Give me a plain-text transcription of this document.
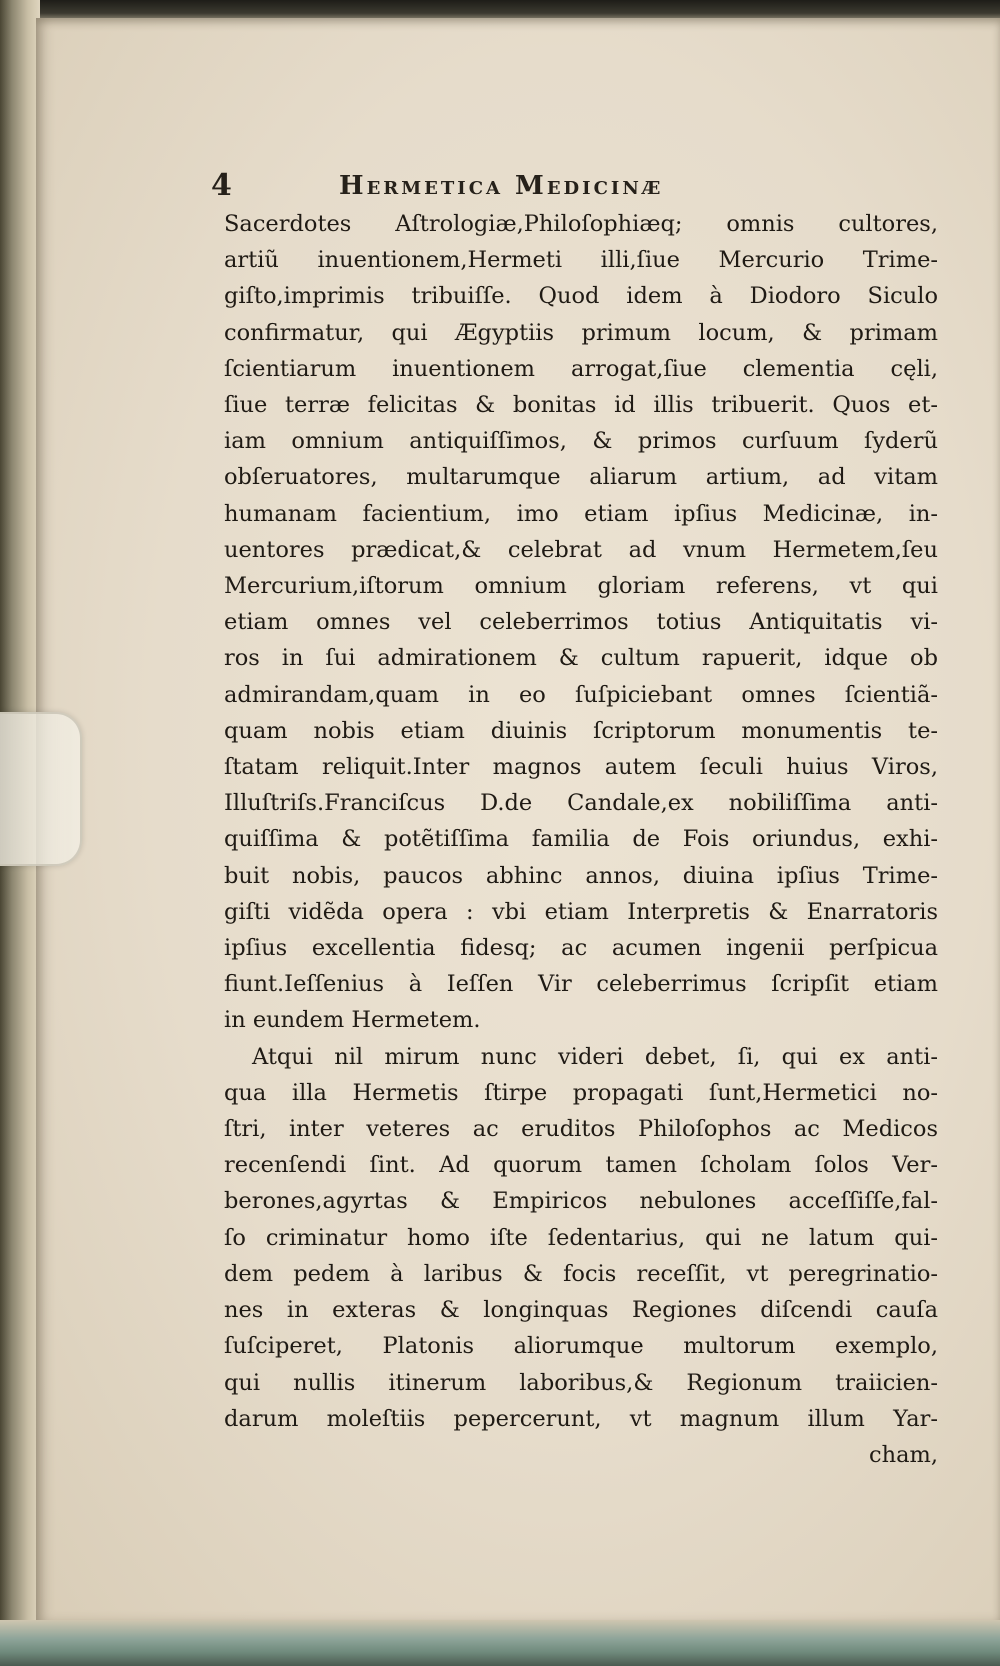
4	Hermetica Medicinæ
Sacerdotes Aſtrologiæ,Philoſophiæq; omnis cultores,
artiũ inuentionem,Hermeti illi,ſiue Mercurio Trime-
giſto,imprimis tribuiſſe. Quod idem à Diodoro Siculo
confirmatur, qui Ægyptiis primum locum, & primam
ſcientiarum inuentionem arrogat,ſiue clementia cęli,
ſiue terræ felicitas & bonitas id illis tribuerit. Quos et-
iam omnium antiquiſſimos, & primos curſuum ſyderũ
obſeruatores, multarumque aliarum artium, ad vitam
humanam facientium, imo etiam ipſius Medicinæ, in-
uentores prædicat,& celebrat ad vnum Hermetem,ſeu
Mercurium,iſtorum omnium gloriam referens, vt qui
etiam omnes vel celeberrimos totius Antiquitatis vi-
ros in ſui admirationem & cultum rapuerit, idque ob
admirandam,quam in eo ſuſpiciebant omnes ſcientiã-
quam nobis etiam diuinis ſcriptorum monumentis te-
ſtatam reliquit.Inter magnos autem ſeculi huius Viros,
Illuſtriſs.Franciſcus D.de Candale,ex nobiliſſima anti-
quiſſima & potẽtiſſima familia de Fois oriundus, exhi-
buit nobis, paucos abhinc annos, diuina ipſius Trime-
giſti vidẽda opera : vbi etiam Interpretis & Enarratoris
ipſius excellentia fidesq; ac acumen ingenii perſpicua
fiunt.Ieſſenius à Ieſſen Vir celeberrimus ſcripſit etiam
in eundem Hermetem.
Atqui nil mirum nunc videri debet, ſi, qui ex anti-
qua illa Hermetis ſtirpe propagati ſunt,Hermetici no-
ſtri, inter veteres ac eruditos Philoſophos ac Medicos
recenſendi ſint. Ad quorum tamen ſcholam ſolos Ver-
berones,agyrtas & Empiricos nebulones acceſſiſſe,fal-
ſo criminatur homo iſte ſedentarius, qui ne latum qui-
dem pedem à laribus & focis receſſit, vt peregrinatio-
nes in exteras & longinquas Regiones diſcendi cauſa
ſuſciperet, Platonis aliorumque multorum exemplo,
qui nullis itinerum laboribus,& Regionum traiicien-
darum moleſtiis pepercerunt, vt magnum illum Yar-
cham,
